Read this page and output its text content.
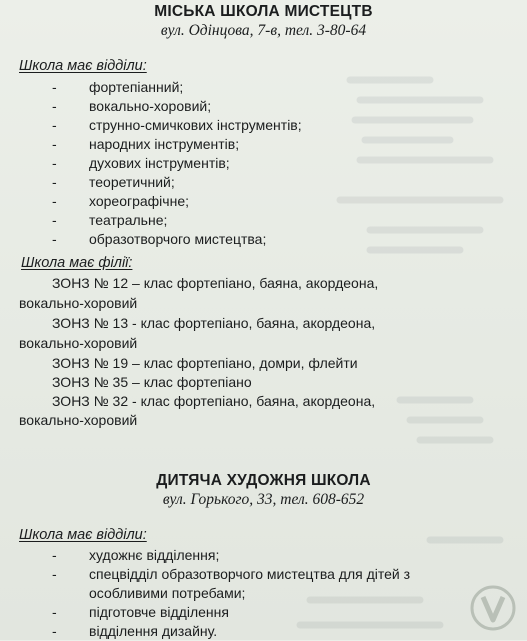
МІСЬКА ШКОЛА МИСТЕЦТВ
вул. Одінцова, 7-в, тел. 3-80-64
Школа має відділи:
- фортепіанний;
- вокально-хоровий;
- струнно-смичкових інструментів;
- народних інструментів;
- духових інструментів;
- теоретичний;
- хореографічне;
- театральне;
- образотворчого мистецтва;
Школа має філії:
ЗОНЗ № 12 – клас фортепіано, баяна, акордеона,
вокально-хоровий
ЗОНЗ № 13 - клас фортепіано, баяна, акордеона,
вокально-хоровий
ЗОНЗ № 19 – клас фортепіано, домри, флейти
ЗОНЗ № 35 – клас фортепіано
ЗОНЗ № 32 - клас фортепіано, баяна, акордеона,
вокально-хоровий
ДИТЯЧА ХУДОЖНЯ ШКОЛА
вул. Горького, 33, тел. 608-652
Школа має відділи:
-	художнє відділення;
-	спецвідділ образотворчого мистецтва для дітей з
особливими потребами;
-	підготовче відділення
-	відділення дизайну.
